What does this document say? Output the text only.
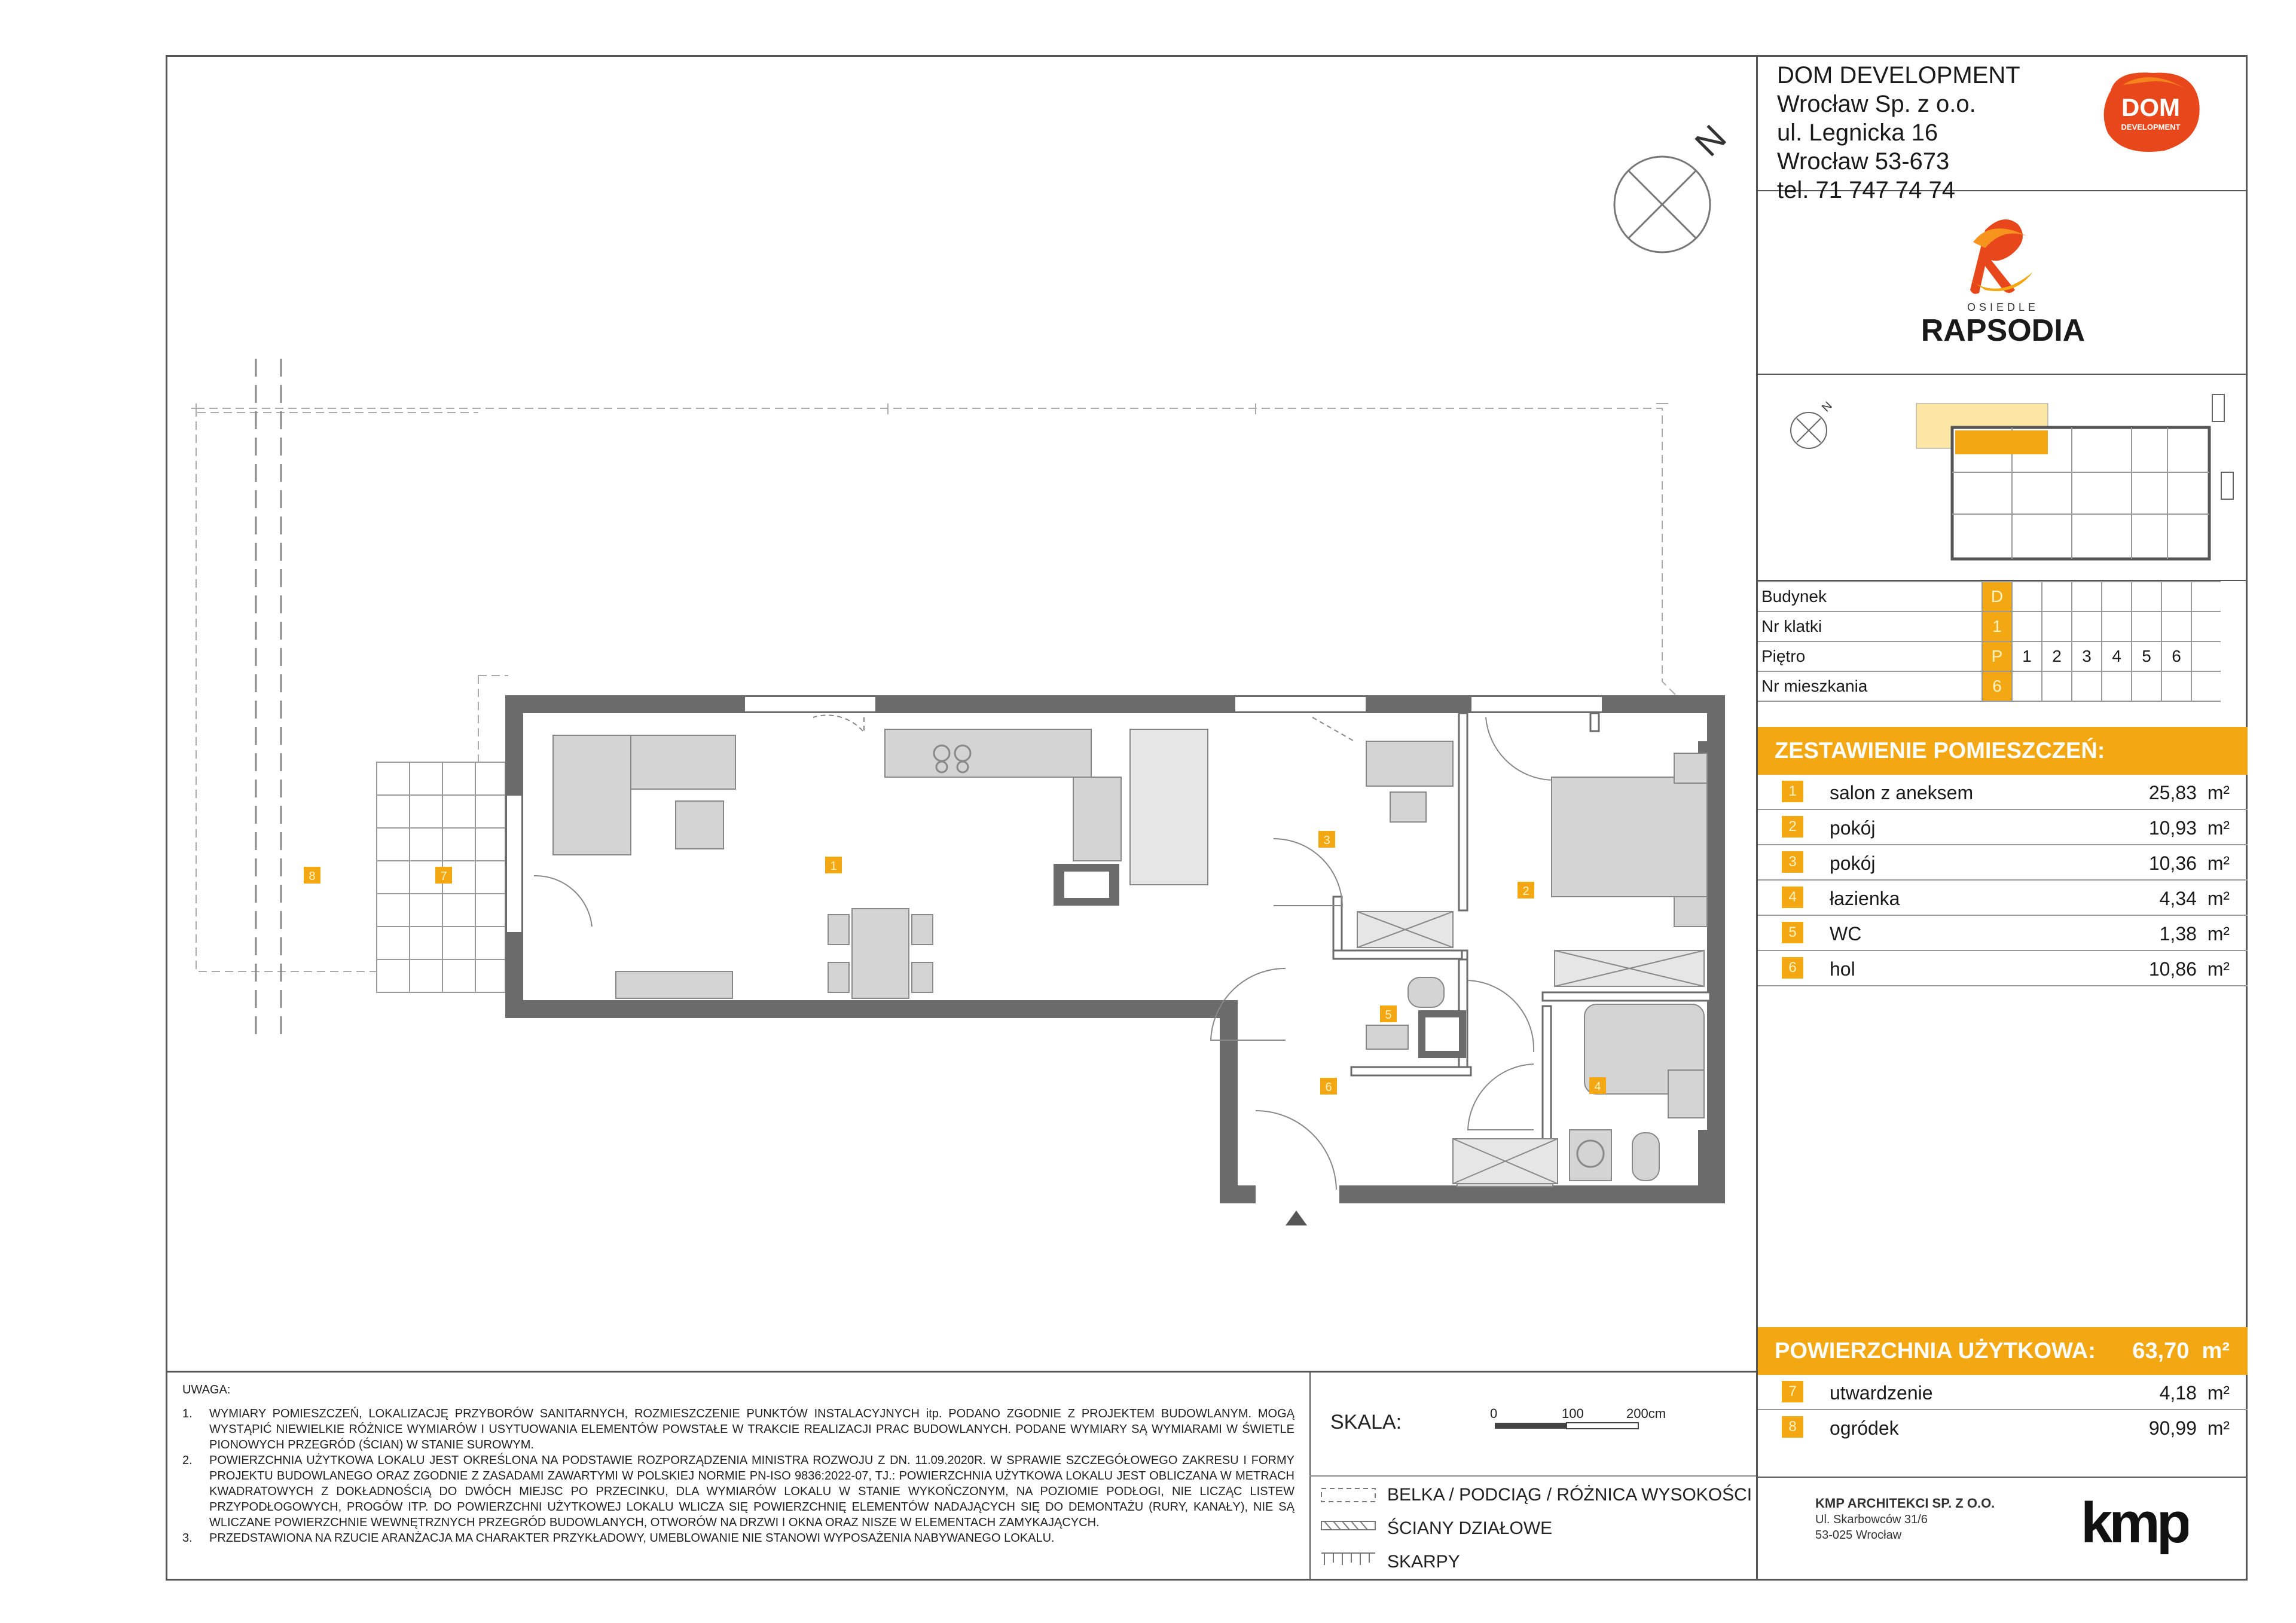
DOM DEVELOPMENT
Wrocław Sp. z o.o.
ul. Legnicka 16
Wrocław 53-673
tel. 71 747 74 74
DOM
DEVELOPMENT
OSIEDLE
RAPSODIA
N
Budynek	D							
Nr klatki	1							
Piętro	P	1	2	3	4	5	6	
Nr mieszkania	6							
ZESTAWIENIE POMIESZCZEŃ:
1	salon z aneksem	25,83 m²
2	pokój	10,93 m²
3	pokój	10,36 m²
4	łazienka	4,34 m²
5	WC	1,38 m²
6	hol	10,86 m²
POWIERZCHNIA UŻYTKOWA: 63,70 m²
7	utwardzenie	4,18 m²
8	ogródek	90,99 m²
KMP ARCHITEKCI SP. Z O.O.
Ul. Skarbowców 31/6
53-025 Wrocław	kmp

UWAGA:

1. WYMIARY POMIESZCZEŃ, LOKALIZACJĘ PRZYBORÓW SANITARNYCH, ROZMIESZCZENIE PUNKTÓW INSTALACYJNYCH itp. PODANO ZGODNIE Z PROJEKTEM BUDOWLANYM. MOGĄ WYSTĄPIĆ NIEWIELKIE RÓŻNICE WYMIARÓW I USYTUOWANIA ELEMENTÓW POWSTAŁE W TRAKCIE REALIZACJI PRAC BUDOWLANYCH. PODANE WYMIARY SĄ WYMIARAMI W ŚWIETLE PIONOWYCH PRZEGRÓD (ŚCIAN) W STANIE SUROWYM.

2. POWIERZCHNIA UŻYTKOWA LOKALU JEST OKREŚLONA NA PODSTAWIE ROZPORZĄDZENIA MINISTRA ROZWOJU Z DN. 11.09.2020R. W SPRAWIE SZCZEGÓŁOWEGO ZAKRESU I FORMY PROJEKTU BUDOWLANEGO ORAZ ZGODNIE Z ZASADAMI ZAWARTYMI W POLSKIEJ NORMIE PN-ISO 9836:2022-07, TJ.: POWIERZCHNIA UŻYTKOWA LOKALU JEST OBLICZANA W METRACH KWADRATOWYCH Z DOKŁADNOŚCIĄ DO DWÓCH MIEJSC PO PRZECINKU, DLA WYMIARÓW LOKALU W STANIE WYKOŃCZONYM, NA POZIOMIE PODŁOGI, NIE LICZĄC LISTEW PRZYPODŁOGOWYCH, PROGÓW ITP. DO POWIERZCHNI UŻYTKOWEJ LOKALU WLICZA SIĘ POWIERZCHNIĘ ELEMENTÓW NADAJĄCYCH SIĘ DO DEMONTAŻU (RURY, KANAŁY), NIE SĄ WLICZANE POWIERZCHNIE WEWNĘTRZNYCH PRZEGRÓD BUDOWLANYCH, OTWORÓW NA DRZWI I OKNA ORAZ NISZE W ELEMENTACH ZAMYKAJĄCYCH.

3. PRZEDSTAWIONA NA RZUCIE ARANŻACJA MA CHARAKTER PRZYKŁADOWY, UMEBLOWANIE NIE STANOWI WYPOSAŻENIA NABYWANEGO LOKALU.

SKALA:	0	100	200cm
BELKA / PODCIĄG / RÓŻNICA WYSOKOŚCI
ŚCIANY DZIAŁOWE
SKARPY
N
1
2
3
4
5
6
7
8
